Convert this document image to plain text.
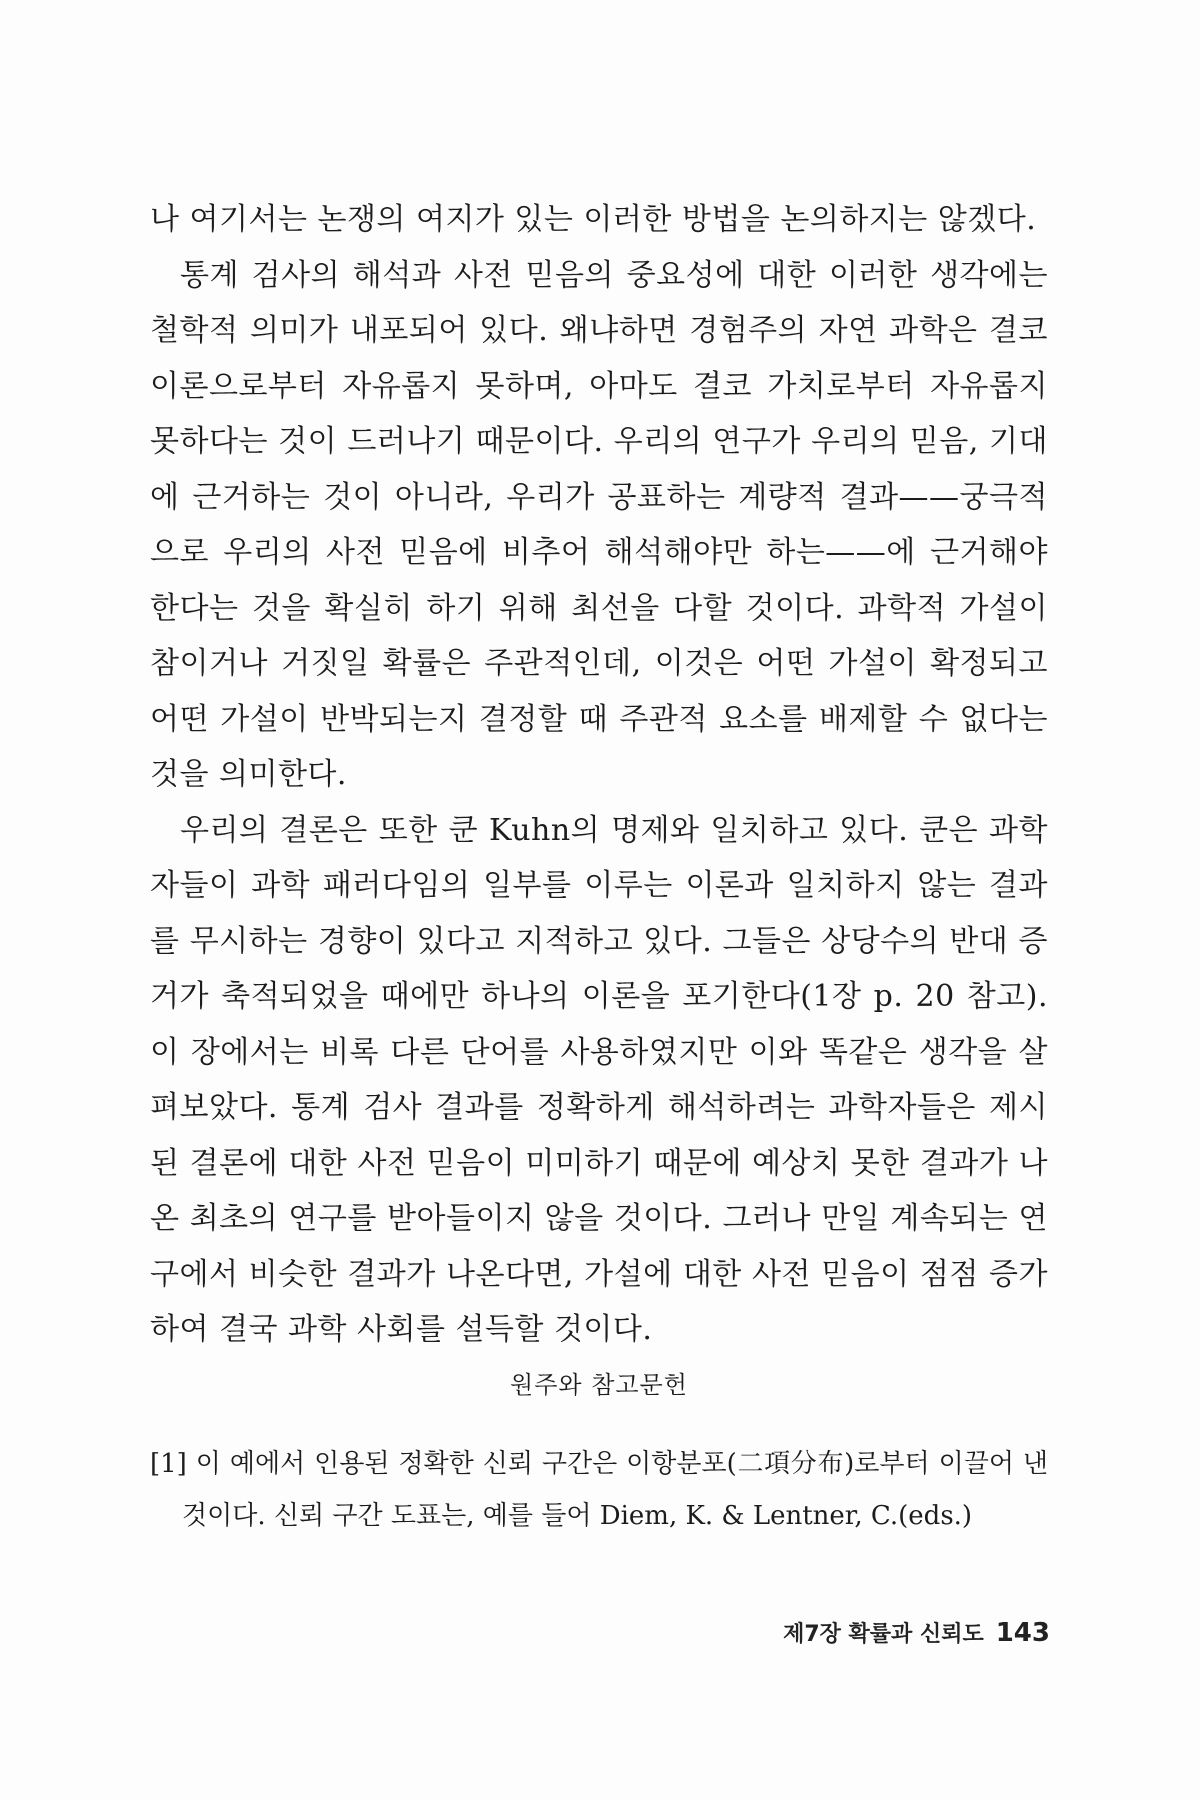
나 여기서는 논쟁의 여지가 있는 이러한 방법을 논의하지는 않겠다.

통계 검사의 해석과 사전 믿음의 중요성에 대한 이러한 생각에는 철학적 의미가 내포되어 있다. 왜냐하면 경험주의 자연 과학은 결코 이론으로부터 자유롭지 못하며, 아마도 결코 가치로부터 자유롭지 못하다는 것이 드러나기 때문이다. 우리의 연구가 우리의 믿음, 기대에 근거하는 것이 아니라, 우리가 공표하는 계량적 결과——궁극적으로 우리의 사전 믿음에 비추어 해석해야만 하는——에 근거해야 한다는 것을 확실히 하기 위해 최선을 다할 것이다. 과학적 가설이 참이거나 거짓일 확률은 주관적인데, 이것은 어떤 가설이 확정되고 어떤 가설이 반박되는지 결정할 때 주관적 요소를 배제할 수 없다는 것을 의미한다.

우리의 결론은 또한 쿤 Kuhn의 명제와 일치하고 있다. 쿤은 과학자들이 과학 패러다임의 일부를 이루는 이론과 일치하지 않는 결과를 무시하는 경향이 있다고 지적하고 있다. 그들은 상당수의 반대 증거가 축적되었을 때에만 하나의 이론을 포기한다(1장 p. 20 참고). 이 장에서는 비록 다른 단어를 사용하였지만 이와 똑같은 생각을 살펴보았다. 통계 검사 결과를 정확하게 해석하려는 과학자들은 제시된 결론에 대한 사전 믿음이 미미하기 때문에 예상치 못한 결과가 나온 최초의 연구를 받아들이지 않을 것이다. 그러나 만일 계속되는 연구에서 비슷한 결과가 나온다면, 가설에 대한 사전 믿음이 점점 증가하여 결국 과학 사회를 설득할 것이다.

원주와 참고문헌
[1] 이 예에서 인용된 정확한 신뢰 구간은 이항분포(二項分布)로부터 이끌어 낸 것이다. 신뢰 구간 도표는, 예를 들어 Diem, K. & Lentner, C.(eds.)
제7장 확률과 신뢰도 143
